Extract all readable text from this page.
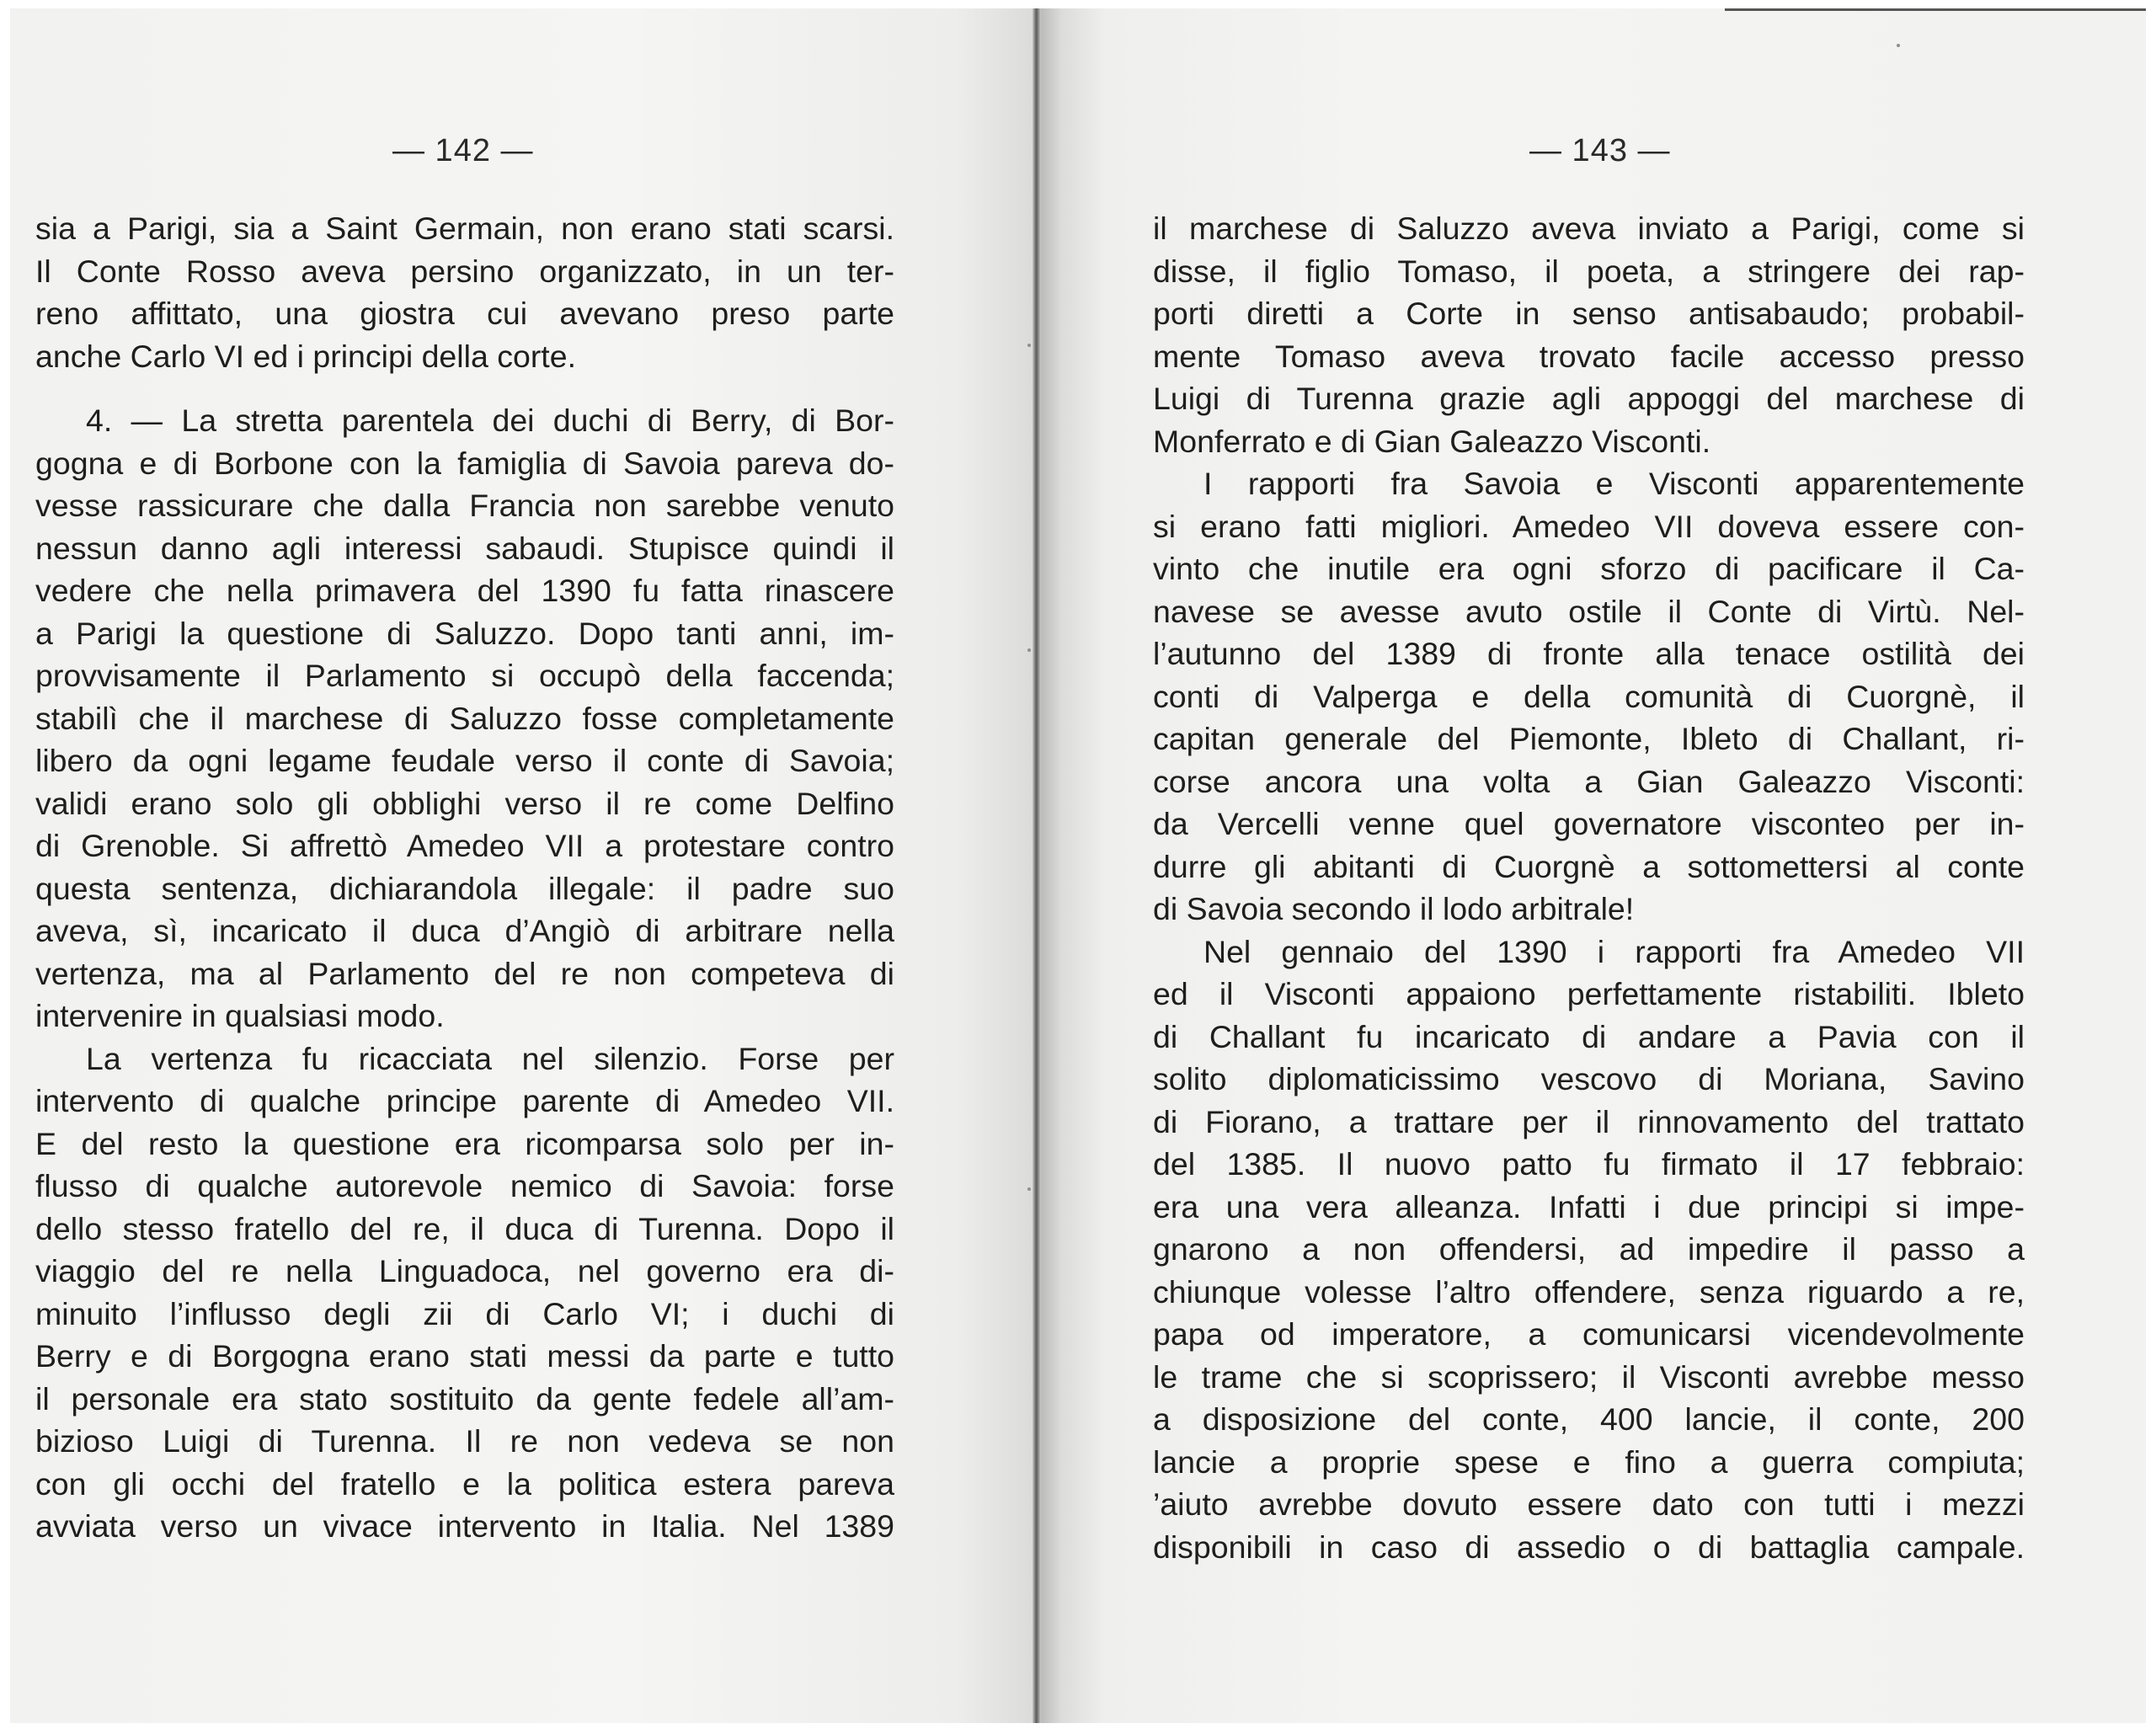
— 142 —
sia a Parigi, sia a Saint Germain, non erano stati scarsi.
Il Conte Rosso aveva persino organizzato, in un ter-
reno affittato, una giostra cui avevano preso parte
anche Carlo VI ed i principi della corte.
4. — La stretta parentela dei duchi di Berry, di Bor-
gogna e di Borbone con la famiglia di Savoia pareva do-
vesse rassicurare che dalla Francia non sarebbe venuto
nessun danno agli interessi sabaudi. Stupisce quindi il
vedere che nella primavera del 1390 fu fatta rinascere
a Parigi la questione di Saluzzo. Dopo tanti anni, im-
provvisamente il Parlamento si occupò della faccenda;
stabilì che il marchese di Saluzzo fosse completamente
libero da ogni legame feudale verso il conte di Savoia;
validi erano solo gli obblighi verso il re come Delfino
di Grenoble. Si affrettò Amedeo VII a protestare contro
questa sentenza, dichiarandola illegale: il padre suo
aveva, sì, incaricato il duca d’Angiò di arbitrare nella
vertenza, ma al Parlamento del re non competeva di
intervenire in qualsiasi modo.
La vertenza fu ricacciata nel silenzio. Forse per
intervento di qualche principe parente di Amedeo VII.
E del resto la questione era ricomparsa solo per in-
flusso di qualche autorevole nemico di Savoia: forse
dello stesso fratello del re, il duca di Turenna. Dopo il
viaggio del re nella Linguadoca, nel governo era di-
minuito l’influsso degli zii di Carlo VI; i duchi di
Berry e di Borgogna erano stati messi da parte e tutto
il personale era stato sostituito da gente fedele all’am-
bizioso Luigi di Turenna. Il re non vedeva se non
con gli occhi del fratello e la politica estera pareva
avviata verso un vivace intervento in Italia. Nel 1389
— 143 —
il marchese di Saluzzo aveva inviato a Parigi, come si
disse, il figlio Tomaso, il poeta, a stringere dei rap-
porti diretti a Corte in senso antisabaudo; probabil-
mente Tomaso aveva trovato facile accesso presso
Luigi di Turenna grazie agli appoggi del marchese di
Monferrato e di Gian Galeazzo Visconti.
I rapporti fra Savoia e Visconti apparentemente
si erano fatti migliori. Amedeo VII doveva essere con-
vinto che inutile era ogni sforzo di pacificare il Ca-
navese se avesse avuto ostile il Conte di Virtù. Nel-
l’autunno del 1389 di fronte alla tenace ostilità dei
conti di Valperga e della comunità di Cuorgnè, il
capitan generale del Piemonte, Ibleto di Challant, ri-
corse ancora una volta a Gian Galeazzo Visconti:
da Vercelli venne quel governatore visconteo per in-
durre gli abitanti di Cuorgnè a sottomettersi al conte
di Savoia secondo il lodo arbitrale!
Nel gennaio del 1390 i rapporti fra Amedeo VII
ed il Visconti appaiono perfettamente ristabiliti. Ibleto
di Challant fu incaricato di andare a Pavia con il
solito diplomaticissimo vescovo di Moriana, Savino
di Fiorano, a trattare per il rinnovamento del trattato
del 1385. Il nuovo patto fu firmato il 17 febbraio:
era una vera alleanza. Infatti i due principi si impe-
gnarono a non offendersi, ad impedire il passo a
chiunque volesse l’altro offendere, senza riguardo a re,
papa od imperatore, a comunicarsi vicendevolmente
le trame che si scoprissero; il Visconti avrebbe messo
a disposizione del conte, 400 lancie, il conte, 200
lancie a proprie spese e fino a guerra compiuta;
’aiuto avrebbe dovuto essere dato con tutti i mezzi
disponibili in caso di assedio o di battaglia campale.
